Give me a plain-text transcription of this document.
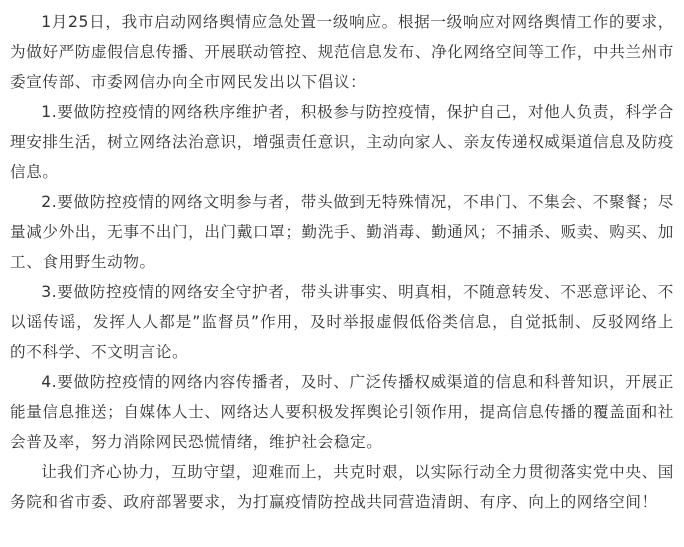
1月25日，我市启动网络舆情应急处置一级响应。根据一级响应对网络舆情工作的要求，为做好严防虚假信息传播、开展联动管控、规范信息发布、净化网络空间等工作，中共兰州市委宣传部、市委网信办向全市网民发出以下倡议：

1.要做防控疫情的网络秩序维护者，积极参与防控疫情，保护自己，对他人负责，科学合理安排生活，树立网络法治意识，增强责任意识，主动向家人、亲友传递权威渠道信息及防疫信息。

2.要做防控疫情的网络文明参与者，带头做到无特殊情况，不串门、不集会、不聚餐；尽量减少外出，无事不出门，出门戴口罩；勤洗手、勤消毒、勤通风；不捕杀、贩卖、购买、加工、食用野生动物。

3.要做防控疫情的网络安全守护者，带头讲事实、明真相，不随意转发、不恶意评论、不以谣传谣，发挥人人都是”监督员”作用，及时举报虚假低俗类信息，自觉抵制、反驳网络上的不科学、不文明言论。

4.要做防控疫情的网络内容传播者，及时、广泛传播权威渠道的信息和科普知识，开展正能量信息推送；自媒体人士、网络达人要积极发挥舆论引领作用，提高信息传播的覆盖面和社会普及率，努力消除网民恐慌情绪，维护社会稳定。

让我们齐心协力，互助守望，迎难而上，共克时艰，以实际行动全力贯彻落实党中央、国务院和省市委、政府部署要求，为打赢疫情防控战共同营造清朗、有序、向上的网络空间！
